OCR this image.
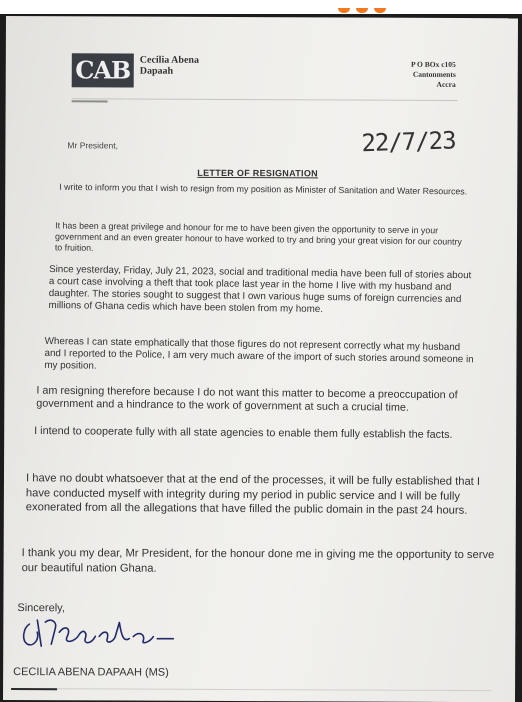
CAB Cecilia Abena
Dapaah
P O BOx c105
Cantonments
Accra
Mr President,	22/7/23
LETTER OF RESIGNATION
I write to inform you that I wish to resign from my position as Minister of Sanitation and Water Resources.
It has been a great privilege and honour for me to have been given the opportunity to serve in your government and an even greater honour to have worked to try and bring your great vision for our country to fruition.
Since yesterday, Friday, July 21, 2023, social and traditional media have been full of stories about a court case involving a theft that took place last year in the home I live with my husband and daughter. The stories sought to suggest that I own various huge sums of foreign currencies and millions of Ghana cedis which have been stolen from my home.
Whereas I can state emphatically that those figures do not represent correctly what my husband and I reported to the Police, I am very much aware of the import of such stories around someone in my position.
I am resigning therefore because I do not want this matter to become a preoccupation of government and a hindrance to the work of government at such a crucial time.
I intend to cooperate fully with all state agencies to enable them fully establish the facts.
I have no doubt whatsoever that at the end of the processes, it will be fully established that I have conducted myself with integrity during my period in public service and I will be fully exonerated from all the allegations that have filled the public domain in the past 24 hours.
I thank you my dear, Mr President, for the honour done me in giving me the opportunity to serve our beautiful nation Ghana.
Sincerely,
CECILIA ABENA DAPAAH (MS)
